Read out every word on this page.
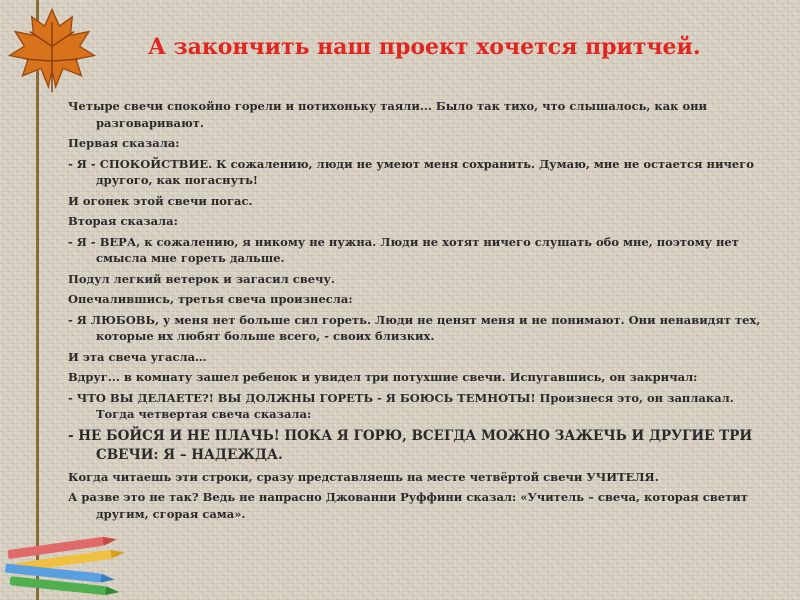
А закончить наш проект хочется притчей.

Четыре свечи спокойно горели и потихоньку таяли... Было так тихо, что слышалось, как они разговаривают.

Первая сказала:

- Я - СПОКОЙСТВИЕ. К сожалению, люди не умеют меня сохранить. Думаю, мне не остается ничего другого, как погаснуть!

И огонек этой свечи погас.

Вторая сказала:

- Я - ВЕРА, к сожалению, я никому не нужна. Люди не хотят ничего слушать обо мне, поэтому нет смысла мне гореть дальше.

Подул легкий ветерок и загасил свечу.

Опечалившись, третья свеча произнесла:

- Я ЛЮБОВЬ, у меня нет больше сил гореть. Люди не ценят меня и не понимают. Они ненавидят тех, которые их любят больше всего, - своих близких.

И эта свеча угасла…

Вдруг... в комнату зашел ребенок и увидел три потухшие свечи. Испугавшись, он закричал:

- ЧТО ВЫ ДЕЛАЕТЕ?! ВЫ ДОЛЖНЫ ГОРЕТЬ - Я БОЮСЬ ТЕМНОТЫ! Произнеся это, он заплакал. Тогда четвертая свеча сказала:

- НЕ БОЙСЯ И НЕ ПЛАЧЬ! ПОКА Я ГОРЮ, ВСЕГДА МОЖНО ЗАЖЕЧЬ И ДРУГИЕ ТРИ СВЕЧИ: Я – НАДЕЖДА.

Когда читаешь эти строки, сразу представляешь на месте четвёртой свечи УЧИТЕЛЯ.

А разве это не так? Ведь не напрасно Джованни Руффини сказал: «Учитель – свеча, которая светит другим, сгорая сама».
